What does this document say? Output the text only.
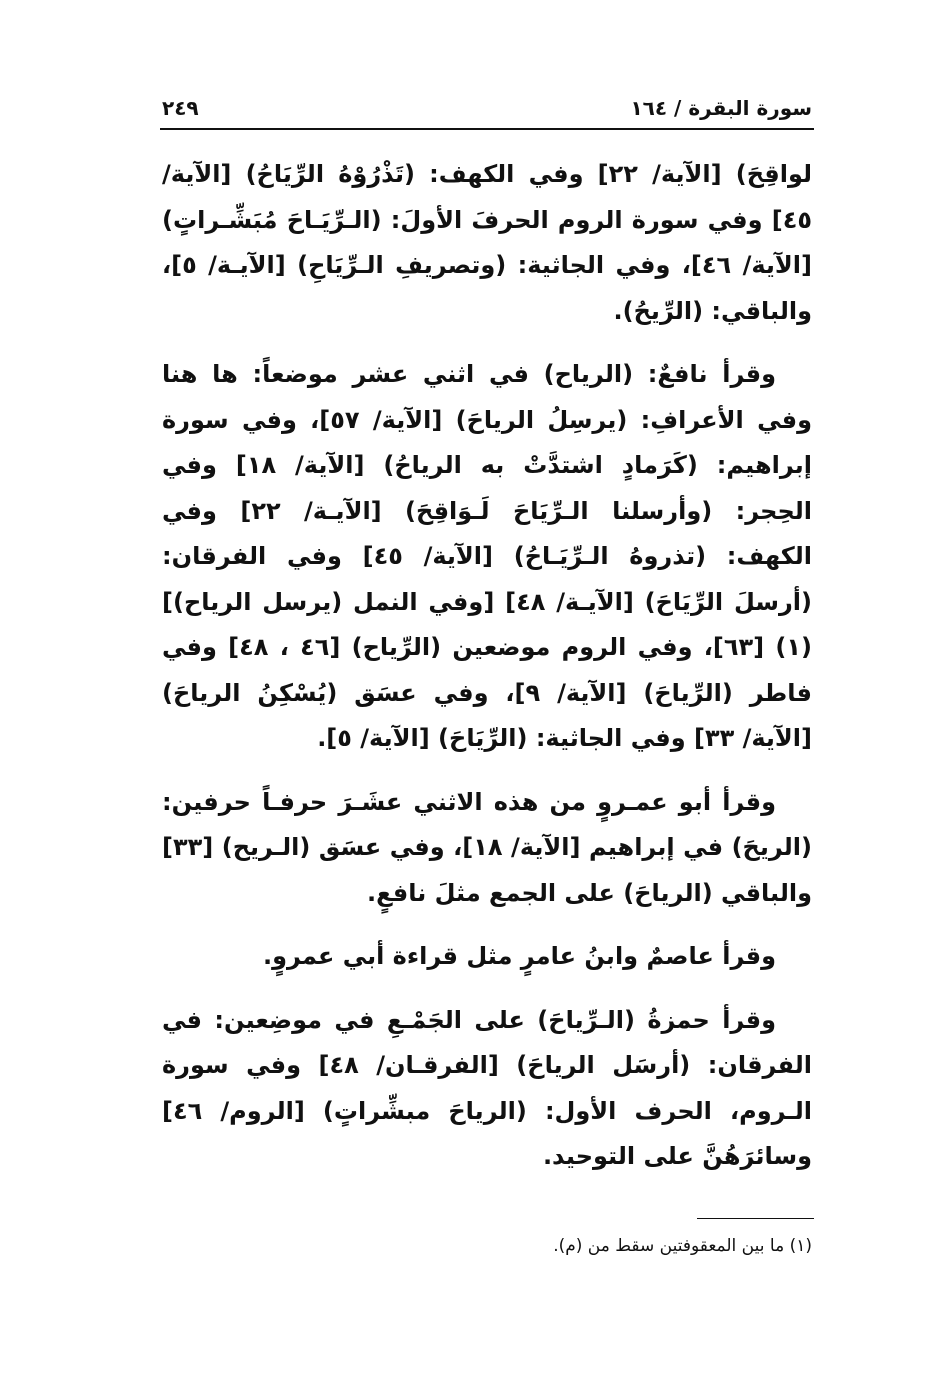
سورة البقرة / ١٦٤
٢٤٩

لواقِحَ) [الآية/ ٢٢] وفي الكهف: (تَذْرُوْهُ الرِّيَاحُ) [الآية/ ٤٥] وفي سورة الروم الحرفَ الأولَ: (الـرِّيَـاحَ مُبَشِّـراتٍ) [الآية/ ٤٦]، وفي الجاثية: (وتصريفِ الـرِّيَاحِ) [الآيـة/ ٥]، والباقي: (الرِّيحُ).

وقرأ نافعٌ: (الرياح) في اثني عشر موضعاً: ها هنا وفي الأعرافِ: (يرسِلُ الرياحَ) [الآية/ ٥٧]، وفي سورة إبراهيم: (كَرَمادٍ اشتدَّتْ به الرياحُ) [الآية/ ١٨] وفي الحِجر: (وأرسلنا الـرِّيَاحَ لَـوَاقِحَ) [الآيـة/ ٢٢] وفي الكهف: (تذروهُ الـرِّيَـاحُ) [الآية/ ٤٥] وفي الفرقان: (أرسلَ الرِّيَاحَ) [الآيـة/ ٤٨] [وفي النمل (يرسل الرياح)](١) [٦٣]، وفي الروم موضعين (الرِّياح) [٤٦ ، ٤٨] وفي فاطر (الرِّياحَ) [الآية/ ٩]، وفي عسَق (يُسْكِنُ الرياحَ) [الآية/ ٣٣] وفي الجاثية: (الرِّيَاحَ) [الآية/ ٥].

وقرأ أبو عمـروٍ من هذه الاثني عشَـرَ حرفـاً حرفين: (الريحَ) في إبراهيم [الآية/ ١٨]، وفي عسَق (الـريح) [٣٣] والباقي (الرياحَ) على الجمع مثلَ نافعٍ.

وقرأ عاصمٌ وابنُ عامرٍ مثل قراءة أبي عمروٍ.

وقرأ حمزةُ (الـرِّياحَ) على الجَمْـعِ في موضِعين: في الفرقان: (أرسَل الرياحَ) [الفرقـان/ ٤٨] وفي سورة الـروم، الحرف الأول: (الرياحَ مبشِّراتٍ) [الروم/ ٤٦] وسائرَهُنَّ على التوحيد.

(١) ما بين المعقوفتين سقط من (م).
